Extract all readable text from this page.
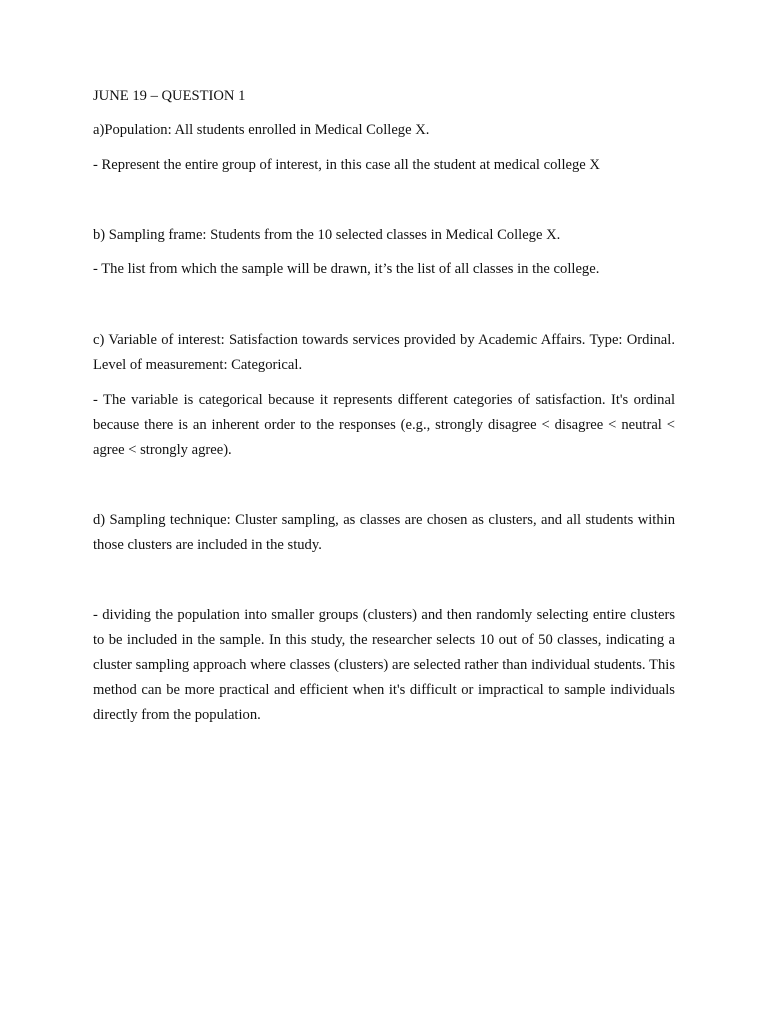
JUNE 19 – QUESTION 1

a)Population: All students enrolled in Medical College X.

- Represent the entire group of interest, in this case all the student at medical college X

b) Sampling frame: Students from the 10 selected classes in Medical College X.

- The list from which the sample will be drawn, it’s the list of all classes in the college.

c) Variable of interest: Satisfaction towards services provided by Academic Affairs. Type: Ordinal. Level of measurement: Categorical.

- The variable is categorical because it represents different categories of satisfaction. It's ordinal because there is an inherent order to the responses (e.g., strongly disagree < disagree < neutral < agree < strongly agree).

d) Sampling technique: Cluster sampling, as classes are chosen as clusters, and all students within those clusters are included in the study.

- dividing the population into smaller groups (clusters) and then randomly selecting entire clusters to be included in the sample. In this study, the researcher selects 10 out of 50 classes, indicating a cluster sampling approach where classes (clusters) are selected rather than individual students. This method can be more practical and efficient when it's difficult or impractical to sample individuals directly from the population.
